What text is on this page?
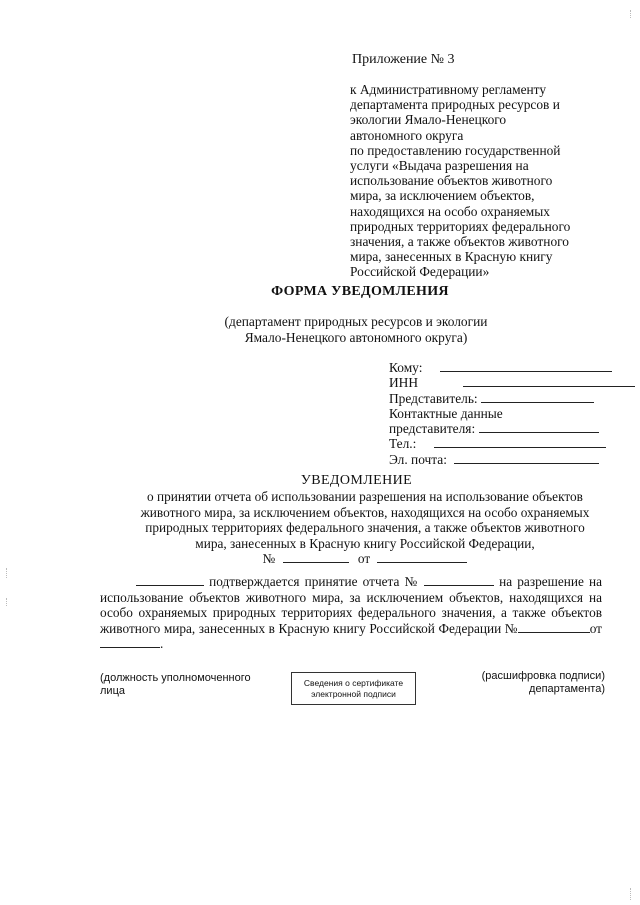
Приложение № 3
к Административному регламенту
департамента природных ресурсов и
экологии Ямало-Ненецкого
автономного округа
по предоставлению государственной
услуги «Выдача разрешения на
использование объектов животного
мира, за исключением объектов,
находящихся на особо охраняемых
природных территориях федерального
значения, а также объектов животного
мира, занесенных в Красную книгу
Российской Федерации»
ФОРМА УВЕДОМЛЕНИЯ
(департамент природных ресурсов и экологии
Ямало-Ненецкого автономного округа)
Кому:
ИНН
Представитель:
Контактные данные
представителя:
Тел.:
Эл. почта:
УВЕДОМЛЕНИЕ
о принятии отчета об использовании разрешения на использование объектов
животного мира, за исключением объектов, находящихся на особо охраняемых
природных территориях федерального значения, а также объектов животного
мира, занесенных в Красную книгу Российской Федерации,
№	от
подтверждается принятие отчета №	на разрешение на использование объектов животного мира, за исключением объектов, находящихся на особо охраняемых природных территориях федерального значения, а также объектов животного мира, занесенных в Красную книгу Российской Федерации №	от.
(должность уполномоченного
лица
Сведения о сертификате
электронной подписи
(расшифровка подписи)
департамента)
